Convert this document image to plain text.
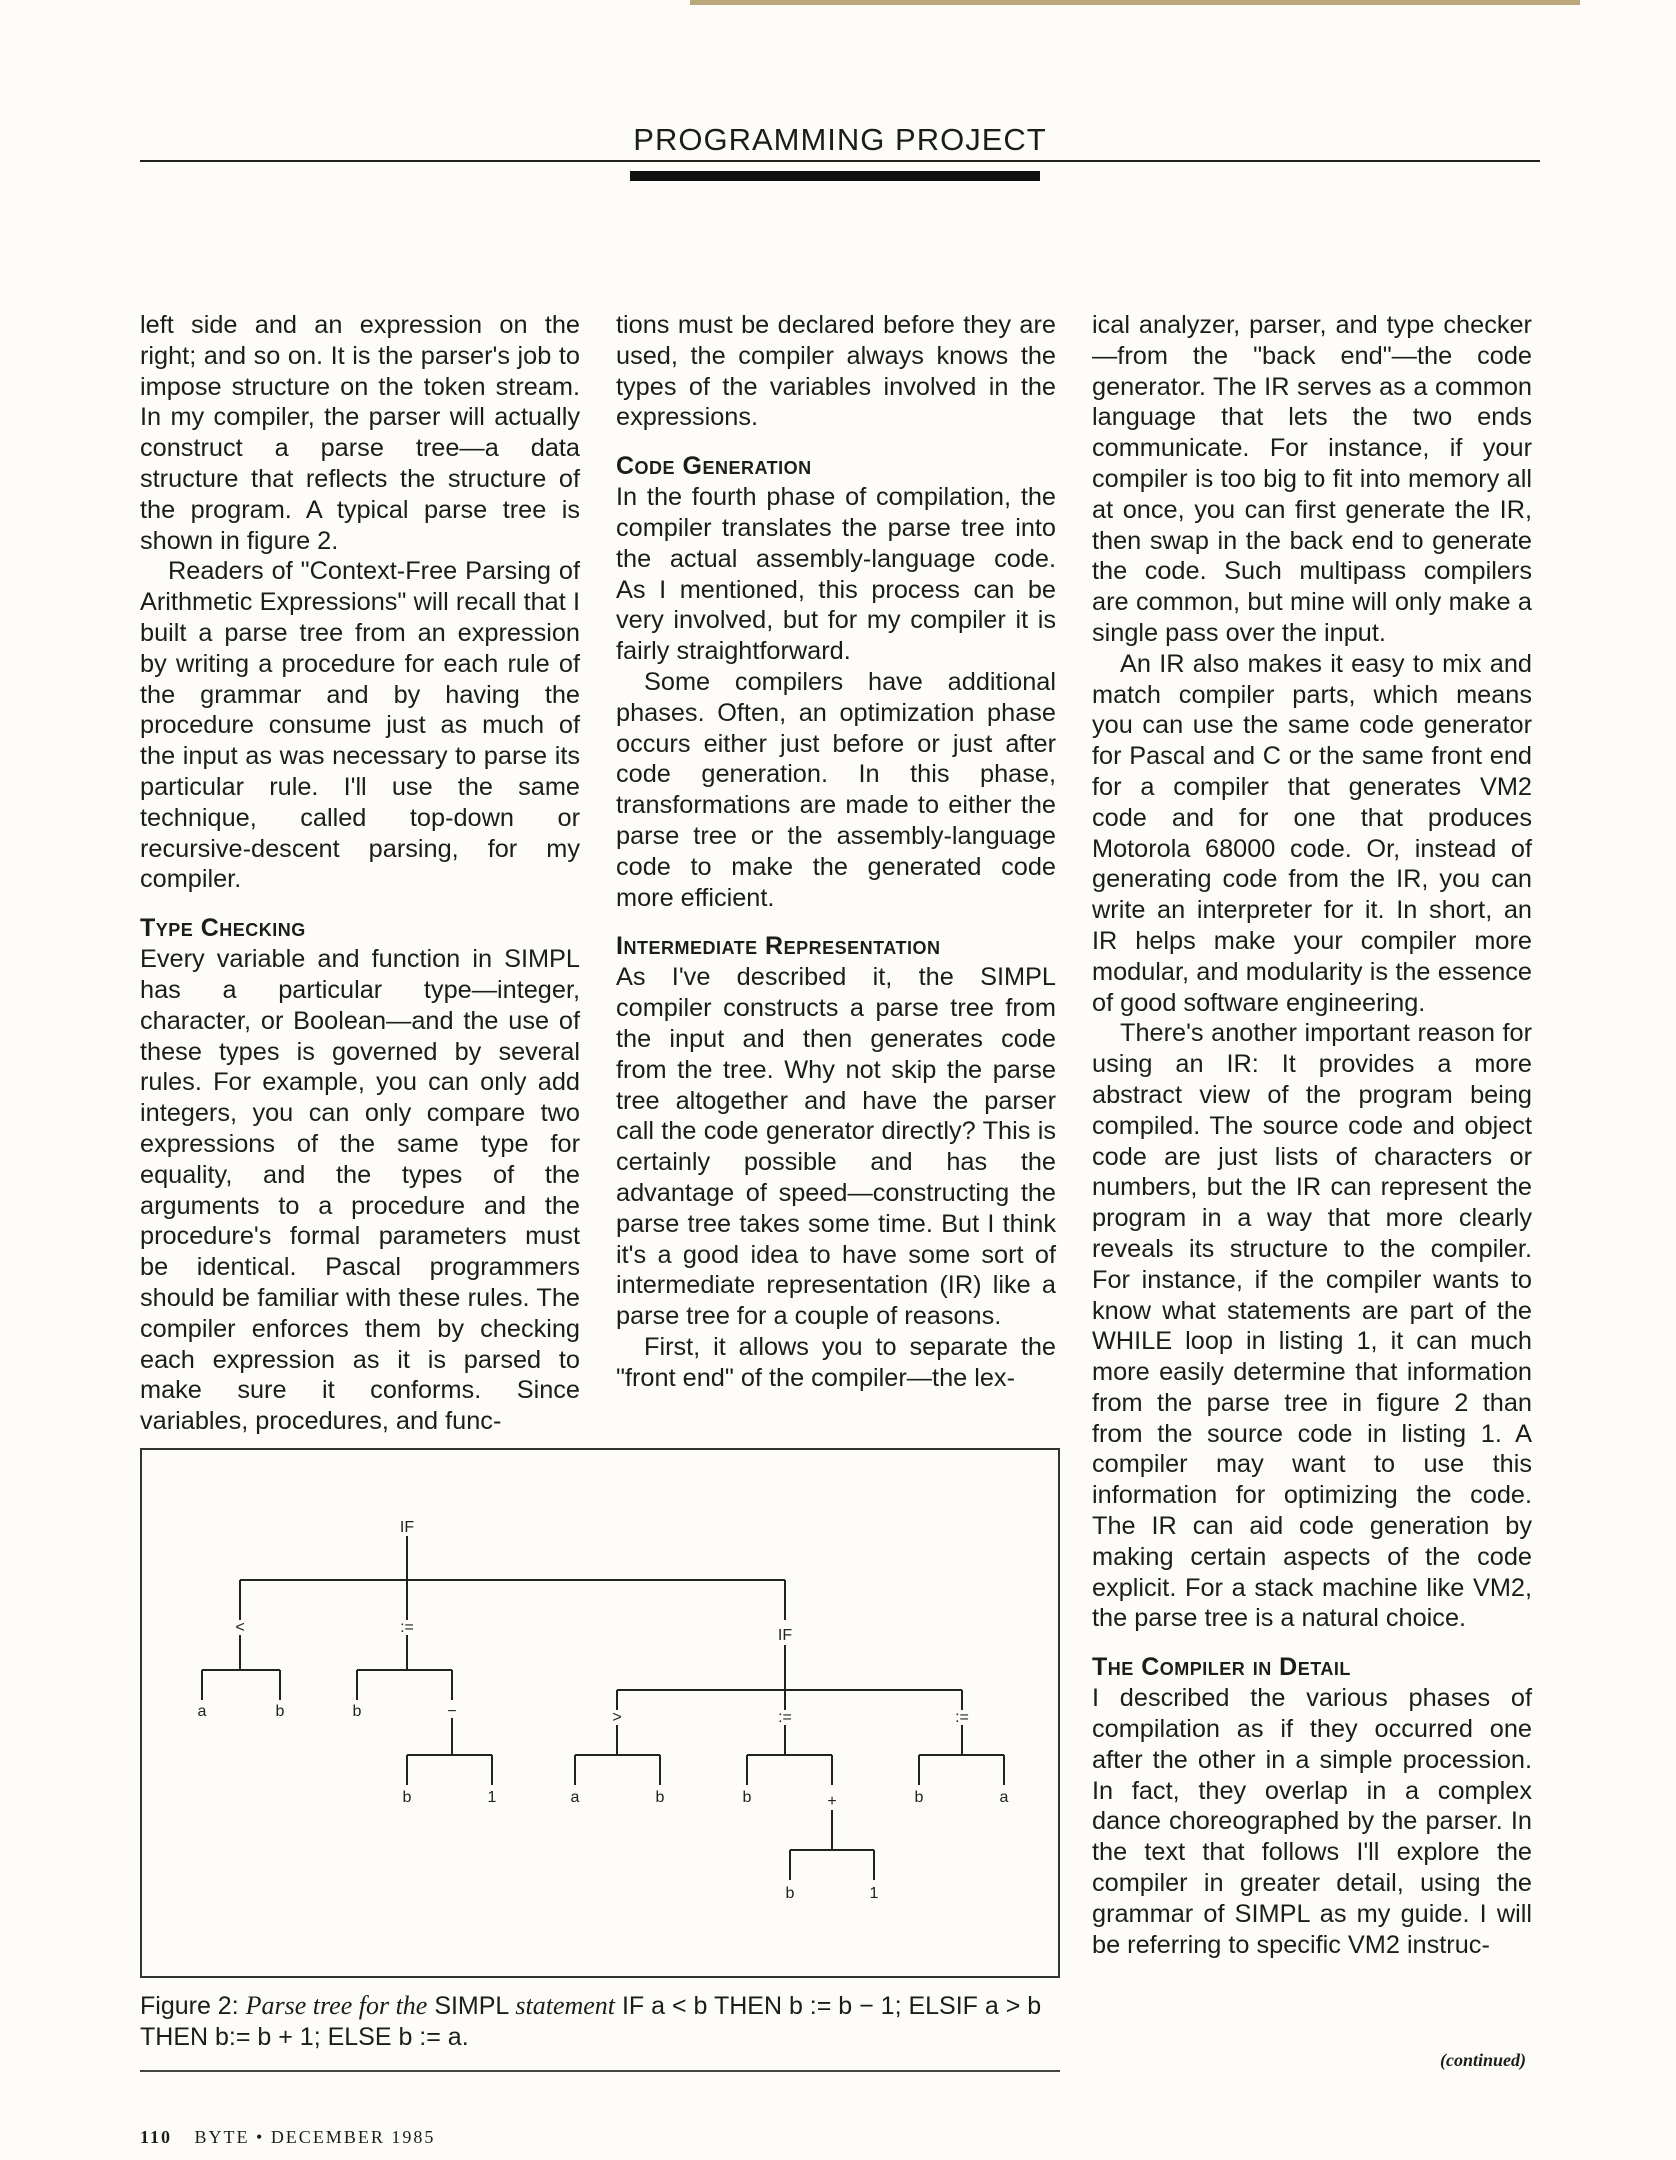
PROGRAMMING PROJECT

left side and an expression on the right; and so on. It is the parser's job to impose structure on the token stream. In my compiler, the parser will actually construct a parse tree—a data structure that reflects the structure of the program. A typical parse tree is shown in figure 2.

Readers of "Context-Free Parsing of Arithmetic Expressions" will recall that I built a parse tree from an expression by writing a procedure for each rule of the grammar and by having the procedure consume just as much of the input as was necessary to parse its particular rule. I'll use the same technique, called top-down or recursive-descent parsing, for my compiler.

Type Checking

Every variable and function in SIMPL has a particular type—integer, character, or Boolean—and the use of these types is governed by several rules. For example, you can only add integers, you can only compare two expressions of the same type for equality, and the types of the arguments to a procedure and the procedure's formal parameters must be identical. Pascal programmers should be familiar with these rules. The compiler enforces them by checking each expression as it is parsed to make sure it conforms. Since variables, procedures, and func-

tions must be declared before they are used, the compiler always knows the types of the variables involved in the expressions.

Code Generation

In the fourth phase of compilation, the compiler translates the parse tree into the actual assembly-language code. As I mentioned, this process can be very involved, but for my compiler it is fairly straightforward.

Some compilers have additional phases. Often, an optimization phase occurs either just before or just after code generation. In this phase, transformations are made to either the parse tree or the assembly-language code to make the generated code more efficient.

Intermediate Representation

As I've described it, the SIMPL compiler constructs a parse tree from the input and then generates code from the tree. Why not skip the parse tree altogether and have the parser call the code generator directly? This is certainly possible and has the advantage of speed—constructing the parse tree takes some time. But I think it's a good idea to have some sort of intermediate representation (IR) like a parse tree for a couple of reasons.

First, it allows you to separate the "front end" of the compiler—the lex-

ical analyzer, parser, and type checker—from the "back end"—the code generator. The IR serves as a common language that lets the two ends communicate. For instance, if your compiler is too big to fit into memory all at once, you can first generate the IR, then swap in the back end to generate the code. Such multipass compilers are common, but mine will only make a single pass over the input.

An IR also makes it easy to mix and match compiler parts, which means you can use the same code generator for Pascal and C or the same front end for a compiler that generates VM2 code and for one that produces Motorola 68000 code. Or, instead of generating code from the IR, you can write an interpreter for it. In short, an IR helps make your compiler more modular, and modularity is the essence of good software engineering.

There's another important reason for using an IR: It provides a more abstract view of the program being compiled. The source code and object code are just lists of characters or numbers, but the IR can represent the program in a way that more clearly reveals its structure to the compiler. For instance, if the compiler wants to know what statements are part of the WHILE loop in listing 1, it can much more easily determine that information from the parse tree in figure 2 than from the source code in listing 1. A compiler may want to use this information for optimizing the code. The IR can aid code generation by making certain aspects of the code explicit. For a stack machine like VM2, the parse tree is a natural choice.

The Compiler in Detail

I described the various phases of compilation as if they occurred one after the other in a simple procession. In fact, they overlap in a complex dance choreographed by the parser. In the text that follows I'll explore the compiler in greater detail, using the grammar of SIMPL as my guide. I will be referring to specific VM2 instruc-

IF
<	:=	IF
a	b	b	−
b	1
>	:=	:=
a	b	b	+	b	a
b	1
Figure 2: Parse tree for the SIMPL statement IF a < b THEN b := b − 1; ELSIF a > b THEN b:= b + 1; ELSE b := a.
(continued)
110 BYTE • DECEMBER 1985
